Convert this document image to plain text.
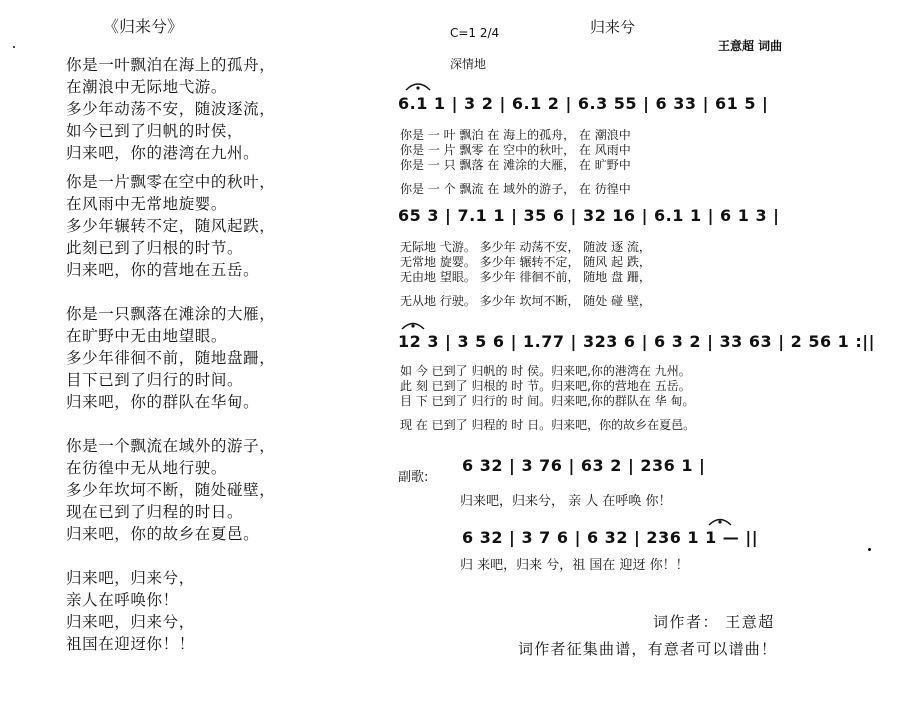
《归来兮》
你是一叶飘泊在海上的孤舟，
在潮浪中无际地弋游。
多少年动荡不安，随波逐流，
如今已到了归帆的时侯，
归来吧，你的港湾在九州。
你是一片飘零在空中的秋叶，
在风雨中无常地旋婴。
多少年辗转不定，随风起跌，
此刻已到了归根的时节。
归来吧，你的营地在五岳。
你是一只飘落在滩涂的大雁，
在旷野中无由地望眼。
多少年徘徊不前，随地盘跚，
目下已到了归行的时间。
归来吧，你的群队在华甸。
你是一个飘流在域外的游子，
在彷徨中无从地行驶。
多少年坎坷不断，随处碰壁，
现在已到了归程的时日。
归来吧，你的故乡在夏邑。
归来吧，归来兮，
亲人在呼唤你！
归来吧，归来兮，
祖国在迎迓你！！
C=1 2/4	归来兮
王意超 词曲
深情地
6.1 1 | 3 2 | 6.1 2 | 6.3 55 | 6 33 | 61 5 |
你是 一 叶 飘泊 在 海上的孤舟， 在 潮浪中
你是 一 片 飘零 在 空中的秋叶， 在 风雨中
你是 一 只 飘落 在 滩涂的大雁， 在 旷野中
你是 一 个 飘流 在 域外的游子， 在 彷徨中
65 3 | 7.1 1 | 35 6 | 32 16 | 6.1 1 | 6 1 3 |
无际地 弋游。 多少年 动荡不安， 随波 逐 流，
无常地 旋婴。 多少年 辗转不定， 随风 起 跌，
无由地 望眼。 多少年 徘徊不前， 随地 盘 跚，
无从地 行驶。 多少年 坎坷不断， 随处 碰 壁，
12 3 | 3 5 6 | 1.77 | 323 6 | 6 3 2 | 33 63 | 2 56 1 :||
如 今 已到了 归帆的 时 侯。归来吧,你的港湾在 九州。
此 刻 已到了 归根的 时 节。归来吧,你的营地在 五岳。
目 下 已到了 归行的 时 间。归来吧,你的群队在 华 甸。
现 在 已到了 归程的 时 日。归来吧，你的故乡在夏邑。
副歌:
6 32 | 3 76 | 63 2 | 236 1 |
归来吧，归来兮， 亲 人 在呼唤 你！
6 32 | 3 7 6 | 6 32 | 236 1 1 — ||
归 来吧，归来 兮，祖 国在 迎迓 你！！
词作者： 王意超
词作者征集曲谱，有意者可以谱曲！
